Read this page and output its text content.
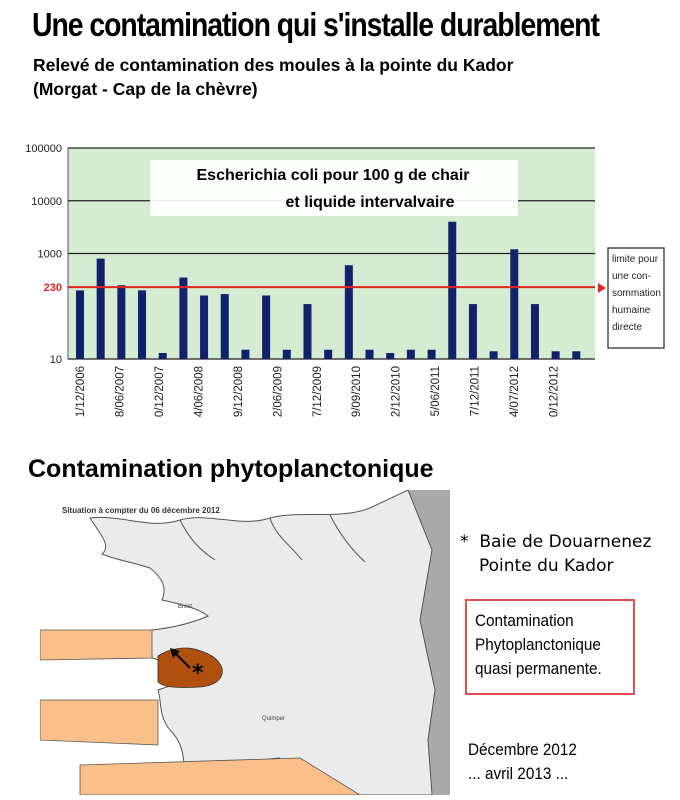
Une contamination qui s'installe durablement
Relevé de contamination des moules à la pointe du Kador
(Morgat - Cap de la chèvre)
100000
10000
1000
10
1/12/2006 8/06/2007 0/12/2007 4/06/2008 9/12/2008 2/06/2009 7/12/2009 9/09/2010 2/12/2010 5/06/2011 7/12/2011 4/07/2012 0/12/2012
230
limite pour
une con-
sommation
humaine
directe
Escherichia coli pour 100 g de chair
et liquide intervalvaire
Contamination phytoplanctonique
*
Situation à compter du 06 décembre 2012
Brest
Quimper
* Baie de Douarnenez
Pointe du Kador
Contamination
Phytoplanctonique
quasi permanente.
Décembre 2012
... avril 2013 ...
